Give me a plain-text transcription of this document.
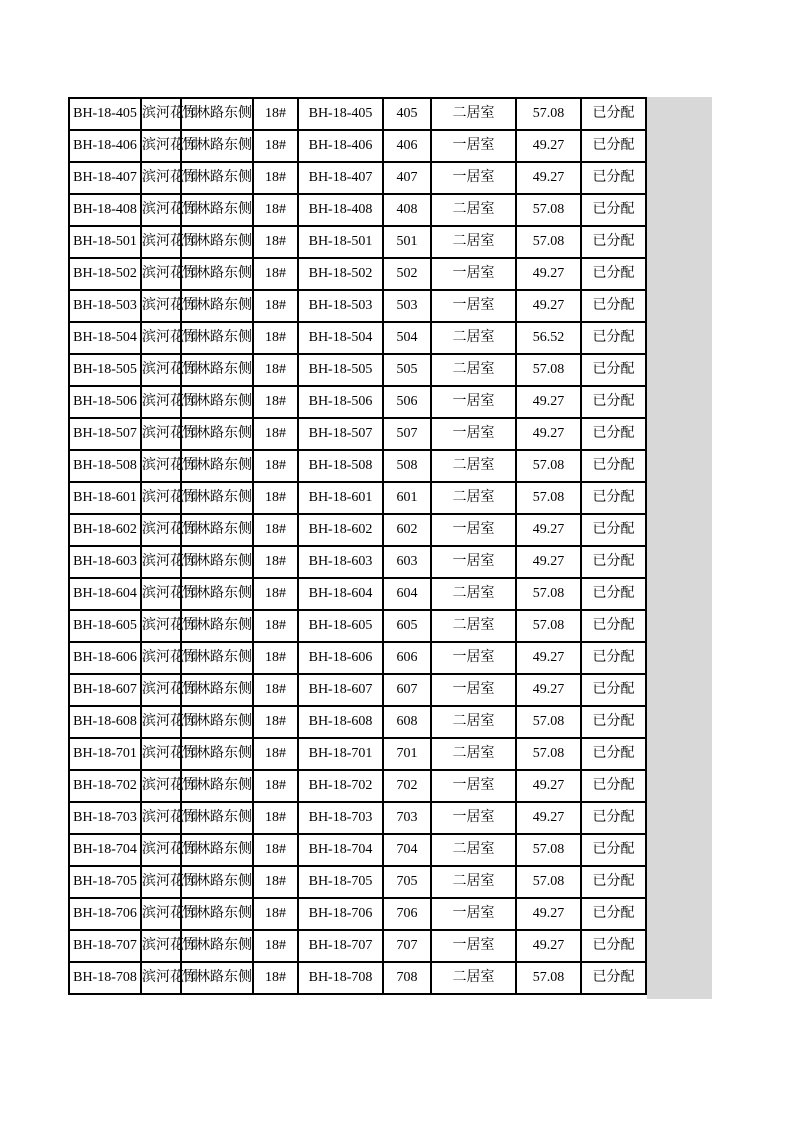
BH-18-405	滨河花园	竹林路东侧	18#	BH-18-405	405	二居室	57.08	已分配
BH-18-406	滨河花园	竹林路东侧	18#	BH-18-406	406	一居室	49.27	已分配
BH-18-407	滨河花园	竹林路东侧	18#	BH-18-407	407	一居室	49.27	已分配
BH-18-408	滨河花园	竹林路东侧	18#	BH-18-408	408	二居室	57.08	已分配
BH-18-501	滨河花园	竹林路东侧	18#	BH-18-501	501	二居室	57.08	已分配
BH-18-502	滨河花园	竹林路东侧	18#	BH-18-502	502	一居室	49.27	已分配
BH-18-503	滨河花园	竹林路东侧	18#	BH-18-503	503	一居室	49.27	已分配
BH-18-504	滨河花园	竹林路东侧	18#	BH-18-504	504	二居室	56.52	已分配
BH-18-505	滨河花园	竹林路东侧	18#	BH-18-505	505	二居室	57.08	已分配
BH-18-506	滨河花园	竹林路东侧	18#	BH-18-506	506	一居室	49.27	已分配
BH-18-507	滨河花园	竹林路东侧	18#	BH-18-507	507	一居室	49.27	已分配
BH-18-508	滨河花园	竹林路东侧	18#	BH-18-508	508	二居室	57.08	已分配
BH-18-601	滨河花园	竹林路东侧	18#	BH-18-601	601	二居室	57.08	已分配
BH-18-602	滨河花园	竹林路东侧	18#	BH-18-602	602	一居室	49.27	已分配
BH-18-603	滨河花园	竹林路东侧	18#	BH-18-603	603	一居室	49.27	已分配
BH-18-604	滨河花园	竹林路东侧	18#	BH-18-604	604	二居室	57.08	已分配
BH-18-605	滨河花园	竹林路东侧	18#	BH-18-605	605	二居室	57.08	已分配
BH-18-606	滨河花园	竹林路东侧	18#	BH-18-606	606	一居室	49.27	已分配
BH-18-607	滨河花园	竹林路东侧	18#	BH-18-607	607	一居室	49.27	已分配
BH-18-608	滨河花园	竹林路东侧	18#	BH-18-608	608	二居室	57.08	已分配
BH-18-701	滨河花园	竹林路东侧	18#	BH-18-701	701	二居室	57.08	已分配
BH-18-702	滨河花园	竹林路东侧	18#	BH-18-702	702	一居室	49.27	已分配
BH-18-703	滨河花园	竹林路东侧	18#	BH-18-703	703	一居室	49.27	已分配
BH-18-704	滨河花园	竹林路东侧	18#	BH-18-704	704	二居室	57.08	已分配
BH-18-705	滨河花园	竹林路东侧	18#	BH-18-705	705	二居室	57.08	已分配
BH-18-706	滨河花园	竹林路东侧	18#	BH-18-706	706	一居室	49.27	已分配
BH-18-707	滨河花园	竹林路东侧	18#	BH-18-707	707	一居室	49.27	已分配
BH-18-708	滨河花园	竹林路东侧	18#	BH-18-708	708	二居室	57.08	已分配
